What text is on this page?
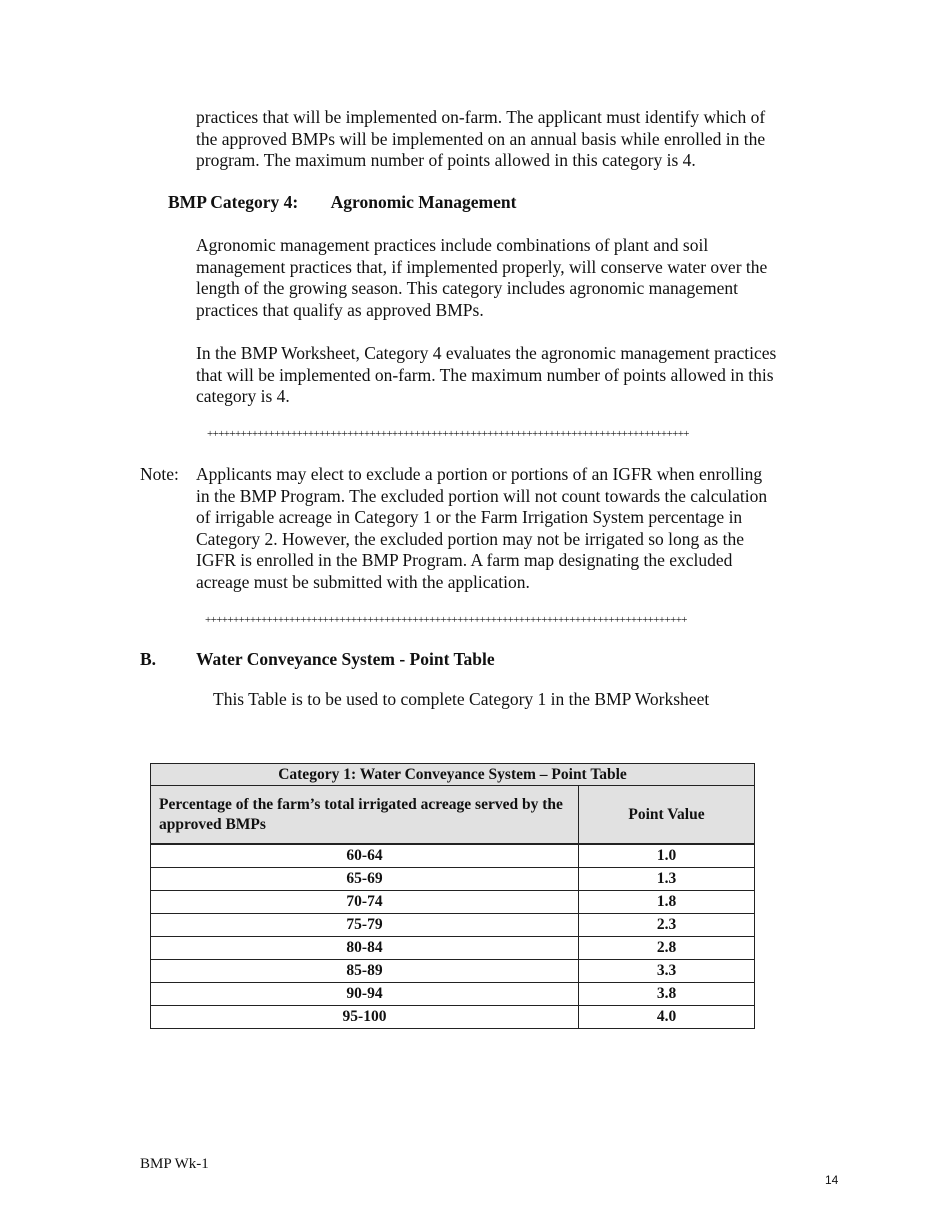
practices that will be implemented on-farm. The applicant must identify which of
the approved BMPs will be implemented on an annual basis while enrolled in the
program. The maximum number of points allowed in this category is 4.
BMP Category 4: Agronomic Management
Agronomic management practices include combinations of plant and soil
management practices that, if implemented properly, will conserve water over the
length of the growing season. This category includes agronomic management
practices that qualify as approved BMPs.
In the BMP Worksheet, Category 4 evaluates the agronomic management practices
that will be implemented on-farm. The maximum number of points allowed in this
category is 4.
++++++++++++++++++++++++++++++++++++++++++++++++++++++++++++++++++++++++++++++++++++++
Note: Applicants may elect to exclude a portion or portions of an IGFR when enrolling
in the BMP Program. The excluded portion will not count towards the calculation
of irrigable acreage in Category 1 or the Farm Irrigation System percentage in
Category 2. However, the excluded portion may not be irrigated so long as the
IGFR is enrolled in the BMP Program. A farm map designating the excluded
acreage must be submitted with the application.
++++++++++++++++++++++++++++++++++++++++++++++++++++++++++++++++++++++++++++++++++++++
B. Water Conveyance System - Point Table
This Table is to be used to complete Category 1 in the BMP Worksheet
Category 1: Water Conveyance System – Point Table	
Percentage of the farm’s total irrigated acreage served by the approved BMPs	Point Value
60-64	1.0
65-69	1.3
70-74	1.8
75-79	2.3
80-84	2.8
85-89	3.3
90-94	3.8
95-100	4.0
BMP Wk-1
14
